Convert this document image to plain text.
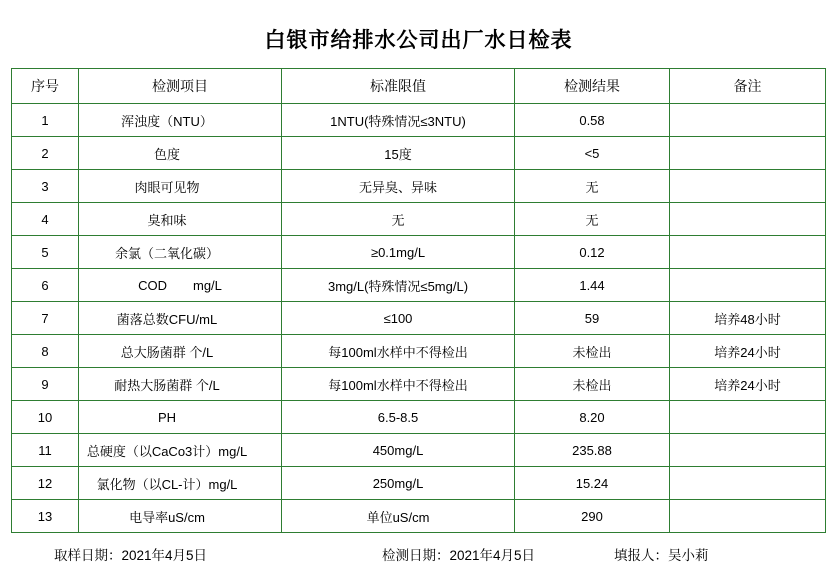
白银市给排水公司出厂水日检表
序号	检测项目	标准限值	检测结果	备注
1	浑浊度（NTU）	1NTU(特殊情况≤3NTU)	0.58	
2	色度	15度	<5	
3	肉眼可见物	无异臭、异味	无	
4	臭和味	无	无	
5	余氯（二氧化碳）	≥0.1mg/L	0.12	
6	COD mg/L	3mg/L(特殊情况≤5mg/L)	1.44	
7	菌落总数CFU/mL	≤100	59	培养48小时
8	总大肠菌群 个/L	每100ml水样中不得检出	未检出	培养24小时
9	耐热大肠菌群 个/L	每100ml水样中不得检出	未检出	培养24小时
10	PH	6.5-8.5	8.20	
11	总硬度（以CaCo3计）mg/L	450mg/L	235.88	
12	氯化物（以CL-计）mg/L	250mg/L	15.24	
13	电导率uS/cm	单位uS/cm	290	
取样日期：2021年4月5日	检测日期：2021年4月5日	填报人：吴小莉
